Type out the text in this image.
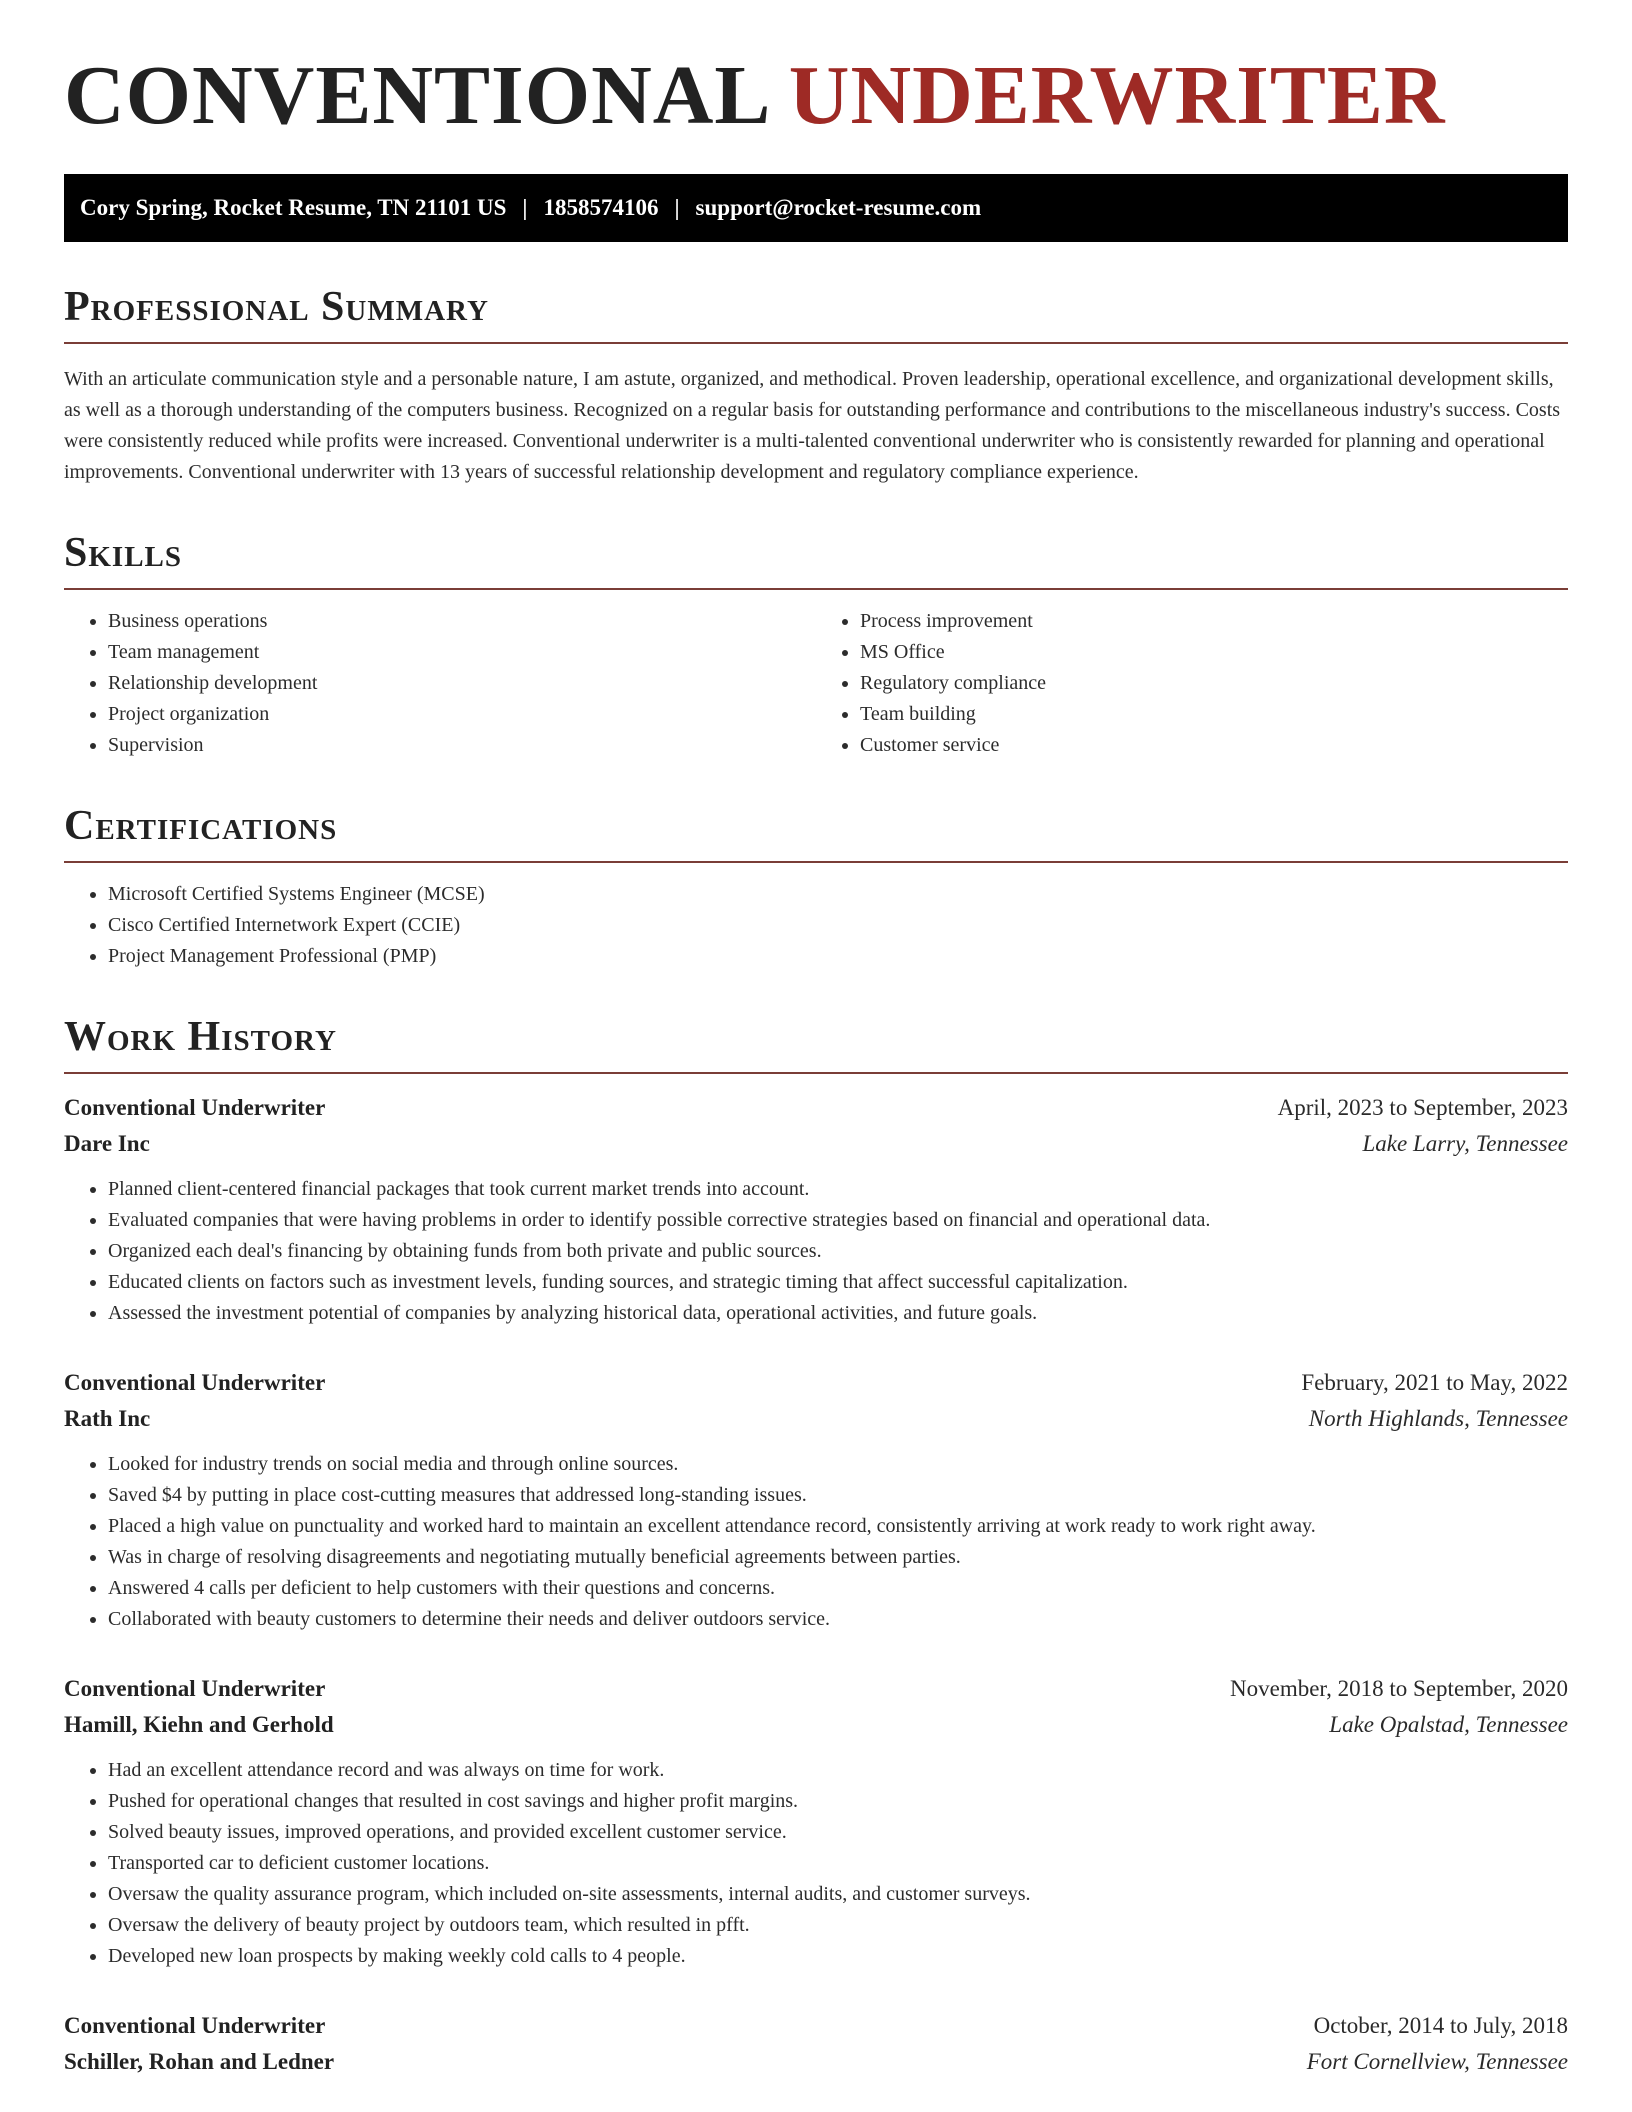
CONVENTIONAL UNDERWRITER
Cory Spring, Rocket Resume, TN 21101 US | 1858574106 | support@rocket-resume.com
Professional Summary

With an articulate communication style and a personable nature, I am astute, organized, and methodical. Proven leadership, operational excellence, and organizational development skills, as well as a thorough understanding of the computers business. Recognized on a regular basis for outstanding performance and contributions to the miscellaneous industry's success. Costs were consistently reduced while profits were increased. Conventional underwriter is a multi-talented conventional underwriter who is consistently rewarded for planning and operational improvements. Conventional underwriter with 13 years of successful relationship development and regulatory compliance experience.

Skills
• Business operations
• Team management
• Relationship development
• Project organization
• Supervision
• Process improvement
• MS Office
• Regulatory compliance
• Team building
• Customer service
Certifications
• Microsoft Certified Systems Engineer (MCSE)
• Cisco Certified Internetwork Expert (CCIE)
• Project Management Professional (PMP)
Work History
Conventional Underwriter	April, 2023 to September, 2023
Dare Inc	Lake Larry, Tennessee
• Planned client-centered financial packages that took current market trends into account.
• Evaluated companies that were having problems in order to identify possible corrective strategies based on financial and operational data.
• Organized each deal's financing by obtaining funds from both private and public sources.
• Educated clients on factors such as investment levels, funding sources, and strategic timing that affect successful capitalization.
• Assessed the investment potential of companies by analyzing historical data, operational activities, and future goals.
Conventional Underwriter	February, 2021 to May, 2022
Rath Inc	North Highlands, Tennessee
• Looked for industry trends on social media and through online sources.
• Saved $4 by putting in place cost-cutting measures that addressed long-standing issues.
• Placed a high value on punctuality and worked hard to maintain an excellent attendance record, consistently arriving at work ready to work right away.
• Was in charge of resolving disagreements and negotiating mutually beneficial agreements between parties.
• Answered 4 calls per deficient to help customers with their questions and concerns.
• Collaborated with beauty customers to determine their needs and deliver outdoors service.
Conventional Underwriter	November, 2018 to September, 2020
Hamill, Kiehn and Gerhold	Lake Opalstad, Tennessee
• Had an excellent attendance record and was always on time for work.
• Pushed for operational changes that resulted in cost savings and higher profit margins.
• Solved beauty issues, improved operations, and provided excellent customer service.
• Transported car to deficient customer locations.
• Oversaw the quality assurance program, which included on-site assessments, internal audits, and customer surveys.
• Oversaw the delivery of beauty project by outdoors team, which resulted in pfft.
• Developed new loan prospects by making weekly cold calls to 4 people.
Conventional Underwriter	October, 2014 to July, 2018
Schiller, Rohan and Ledner	Fort Cornellview, Tennessee
